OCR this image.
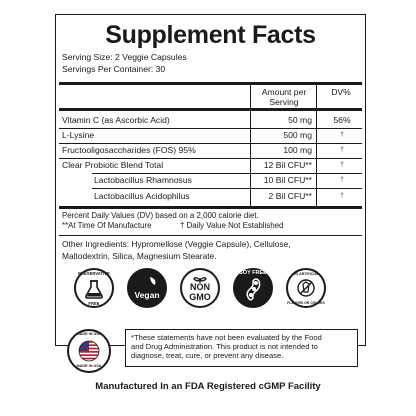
Supplement Facts
Serving Size: 2 Veggie Capsules
Servings Per Container: 30
Amount per Serving
DV%
Vitamin C (as Ascorbic Acid)	50 mg	56%
L-Lysine	500 mg	†
Fructooligosaccharides (FOS) 95%	100 mg	†
Clear Probiotic Blend Total	12 Bil CFU**	†
Lactobacillus Rhamnosus	10 Bil CFU**	†
Lactobacillus Acidophilus	2 Bil CFU**	†
Percent Daily Values (DV) based on a 2,000 calorie diet.
**At Time Of Manufacture	† Daily Value Not Established
Other Ingredients: Hypromellose (Veggie Capsule), Cellulose,
Maltodextrin, Silica, Magnesium Stearate.
PRESERVATIVE
FREE
Vegan
NON
GMO
SOY FREE	NO ARTIFICIAL
FLAVORS OR COLORS
MADE IN USA
MADE IN USA
*These statements have not been evaluated by the Food
and Drug Administration. This product is not intended to
diagnose, treat, cure, or prevent any disease.
Manufactured In an FDA Registered cGMP Facility
